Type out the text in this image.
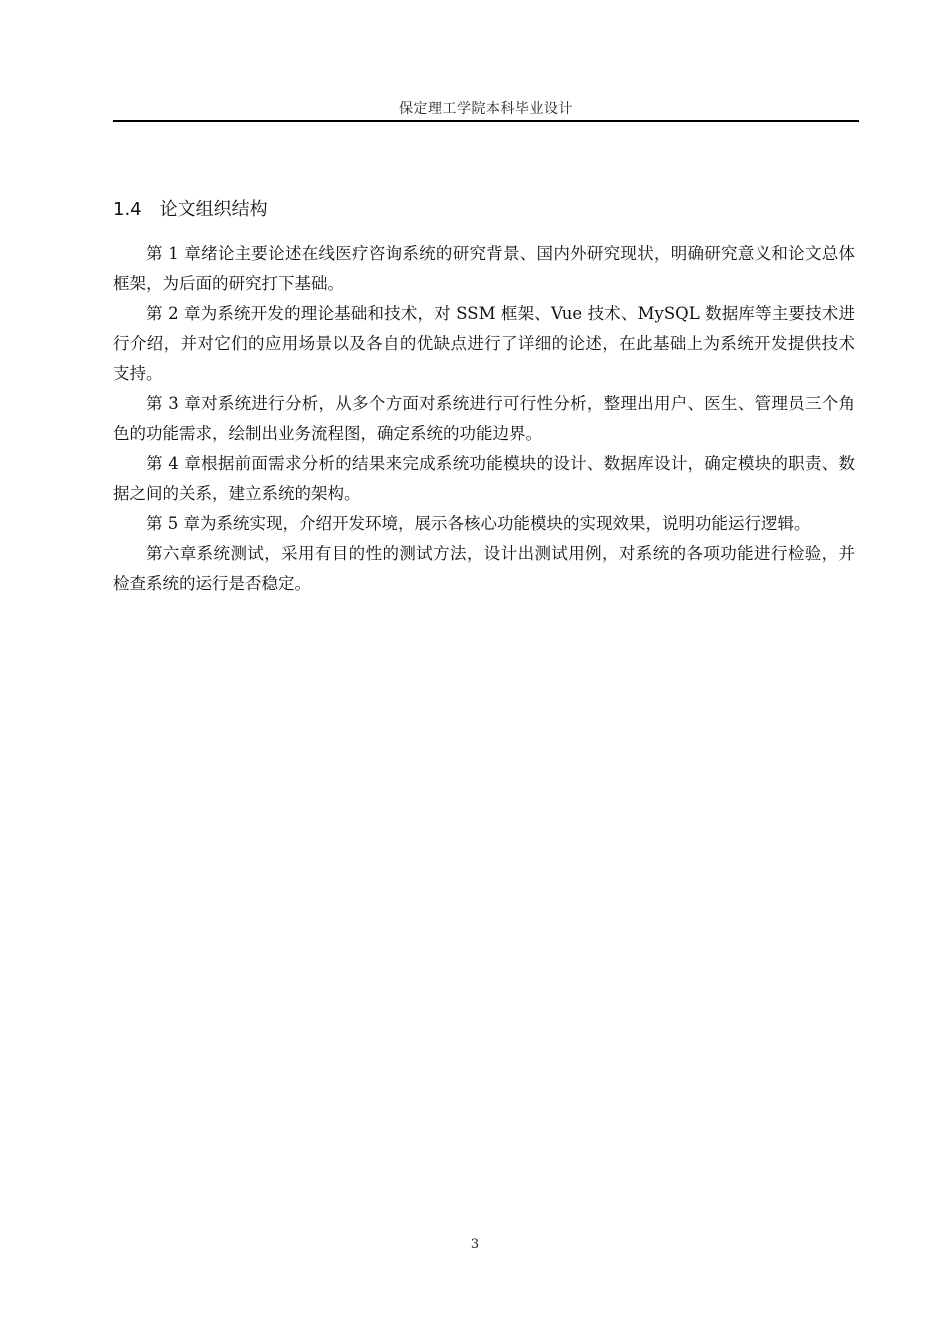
保定理工学院本科毕业设计
1.4 论文组织结构

第 1 章绪论主要论述在线医疗咨询系统的研究背景、国内外研究现状，明确研究意义和论文总体框架，为后面的研究打下基础。

第 2 章为系统开发的理论基础和技术，对 SSM 框架、Vue 技术、MySQL 数据库等主要技术进行介绍，并对它们的应用场景以及各自的优缺点进行了详细的论述，在此基础上为系统开发提供技术支持。

第 3 章对系统进行分析，从多个方面对系统进行可行性分析，整理出用户、医生、管理员三个角色的功能需求，绘制出业务流程图，确定系统的功能边界。

第 4 章根据前面需求分析的结果来完成系统功能模块的设计、数据库设计，确定模块的职责、数据之间的关系，建立系统的架构。

第 5 章为系统实现，介绍开发环境，展示各核心功能模块的实现效果，说明功能运行逻辑。

第六章系统测试，采用有目的性的测试方法，设计出测试用例，对系统的各项功能进行检验，并检查系统的运行是否稳定。

3
